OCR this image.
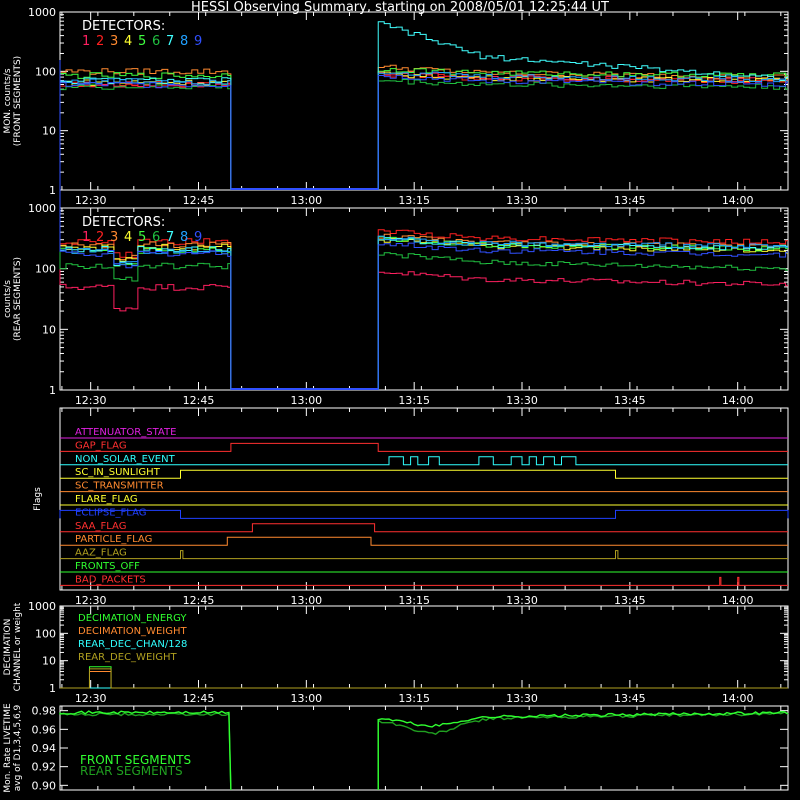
HESSI Observing Summary, starting on 2008/05/01 12:25:44 UT
12:30	12:45	13:00	13:15	13:30	13:45	14:00
MON. counts/s (FRONT SEGMENTS)
1
10
100
1000
DETECTORS:
1 2 3 4 5 6 7 8 9
12:30	12:45	13:00	13:15	13:30	13:45	14:00
counts/s (REAR SEGMENTS)
1
10
100
1000
DETECTORS:
1 2 3 4 5 6 7 8 9
12:30	12:45	13:00	13:15	13:30	13:45	14:00
Flags
ATTENUATOR_STATE
GAP_FLAG
NON_SOLAR_EVENT
SC_IN_SUNLIGHT
SC_TRANSMITTER
FLARE_FLAG
ECLIPSE_FLAG
SAA_FLAG
PARTICLE_FLAG
AAZ_FLAG
FRONTS_OFF
BAD_PACKETS
12:30	12:45	13:00	13:15	13:30	13:45	14:00
DECIMATION CHANNEL or weight 1
10
100
1000
DECIMATION_ENERGY
DECIMATION_WEIGHT
REAR_DEC_CHAN/128
REAR_DEC_WEIGHT
Mon. Rate LIVETIME avg of D1,3,4,5,6,9 0.90
0.92
0.94
0.96
0.98
FRONT SEGMENTS
REAR SEGMENTS
